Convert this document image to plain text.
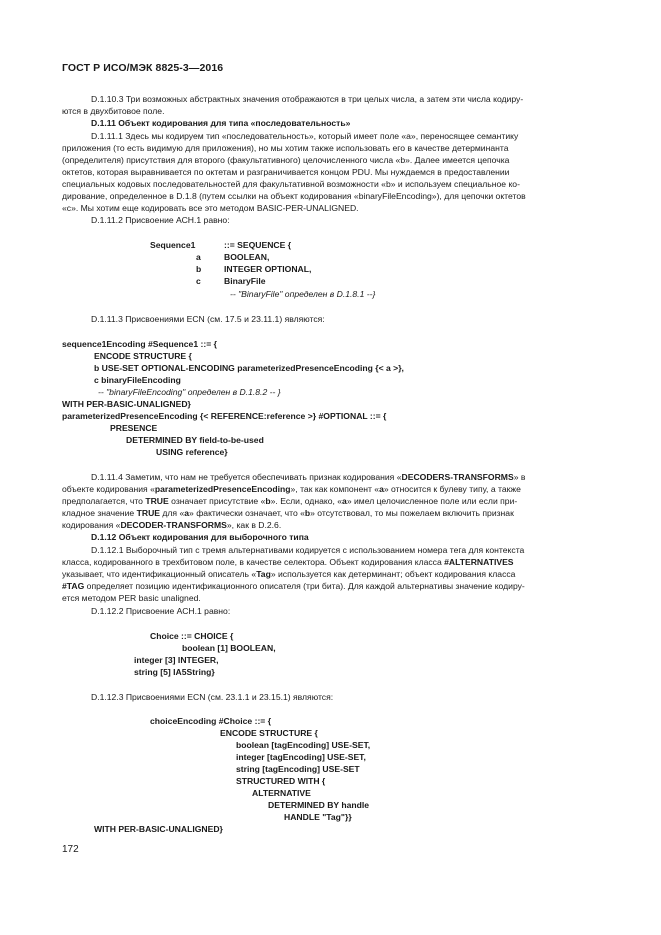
ГОСТ Р ИСО/МЭК 8825-3—2016
D.1.10.3 Три возможных абстрактных значения отображаются в три целых числа, а затем эти числа кодиру-
ются в двухбитовое поле.
D.1.11 Объект кодирования для типа «последовательность»
D.1.11.1 Здесь мы кодируем тип «последовательность», который имеет поле «a», переносящее семантику
приложения (то есть видимую для приложения), но мы хотим также использовать его в качестве детерминанта
(определителя) присутствия для второго (факультативного) целочисленного числа «b». Далее имеется цепочка
октетов, которая выравнивается по октетам и разграничивается концом PDU. Мы нуждаемся в предоставлении
специальных кодовых последовательностей для факультативной возможности «b» и используем специальное ко-
дирование, определенное в D.1.8 (путем ссылки на объект кодирования «binaryFileEncoding»), для цепочки октетов
«c». Мы хотим еще кодировать все это методом BASIC-PER-UNALIGNED.
D.1.11.2 Присвоение АСН.1 равно:
Sequence1	::= SEQUENCE {
a	BOOLEAN,
b	INTEGER OPTIONAL,
c	BinaryFile
-- "BinaryFile" определен в D.1.8.1 --}
D.1.11.3 Присвоениями ECN (см. 17.5 и 23.11.1) являются:
sequence1Encoding #Sequence1 ::= {
ENCODE STRUCTURE {
b USE-SET OPTIONAL-ENCODING parameterizedPresenceEncoding {< a >},
c binaryFileEncoding
-- "binaryFileEncoding" определен в D.1.8.2 -- }
WITH PER-BASIC-UNALIGNED}
parameterizedPresenceEncoding {< REFERENCE:reference >} #OPTIONAL ::= {
PRESENCE
DETERMINED BY field-to-be-used
USING reference}
D.1.11.4 Заметим, что нам не требуется обеспечивать признак кодирования «DECODERS-TRANSFORMS» в
объекте кодирования «parameterizedPresenceEncoding», так как компонент «a» относится к булеву типу, а также
предполагается, что TRUE означает присутствие «b». Если, однако, «a» имел целочисленное поле или если при-
кладное значение TRUE для «a» фактически означает, что «b» отсутствовал, то мы пожелаем включить признак
кодирования «DECODER-TRANSFORMS», как в D.2.6.
D.1.12 Объект кодирования для выборочного типа
D.1.12.1 Выборочный тип с тремя альтернативами кодируется с использованием номера тега для контекста
класса, кодированного в трехбитовом поле, в качестве селектора. Объект кодирования класса #ALTERNATIVES
указывает, что идентификационный описатель «Tag» используется как детерминант; объект кодирования класса
#TAG определяет позицию идентификационного описателя (три бита). Для каждой альтернативы значение кодиру-
ется методом PER basic unaligned.
D.1.12.2 Присвоение АСН.1 равно:
Choice ::= CHOICE {
boolean [1] BOOLEAN,
integer [3] INTEGER,
string [5] IA5String}
D.1.12.3 Присвоениями ECN (см. 23.1.1 и 23.15.1) являются:
choiceEncoding #Choice ::= {
ENCODE STRUCTURE {
boolean [tagEncoding] USE-SET,
integer [tagEncoding] USE-SET,
string [tagEncoding] USE-SET
STRUCTURED WITH {
ALTERNATIVE
DETERMINED BY handle
HANDLE "Tag"}}
WITH PER-BASIC-UNALIGNED}
172
